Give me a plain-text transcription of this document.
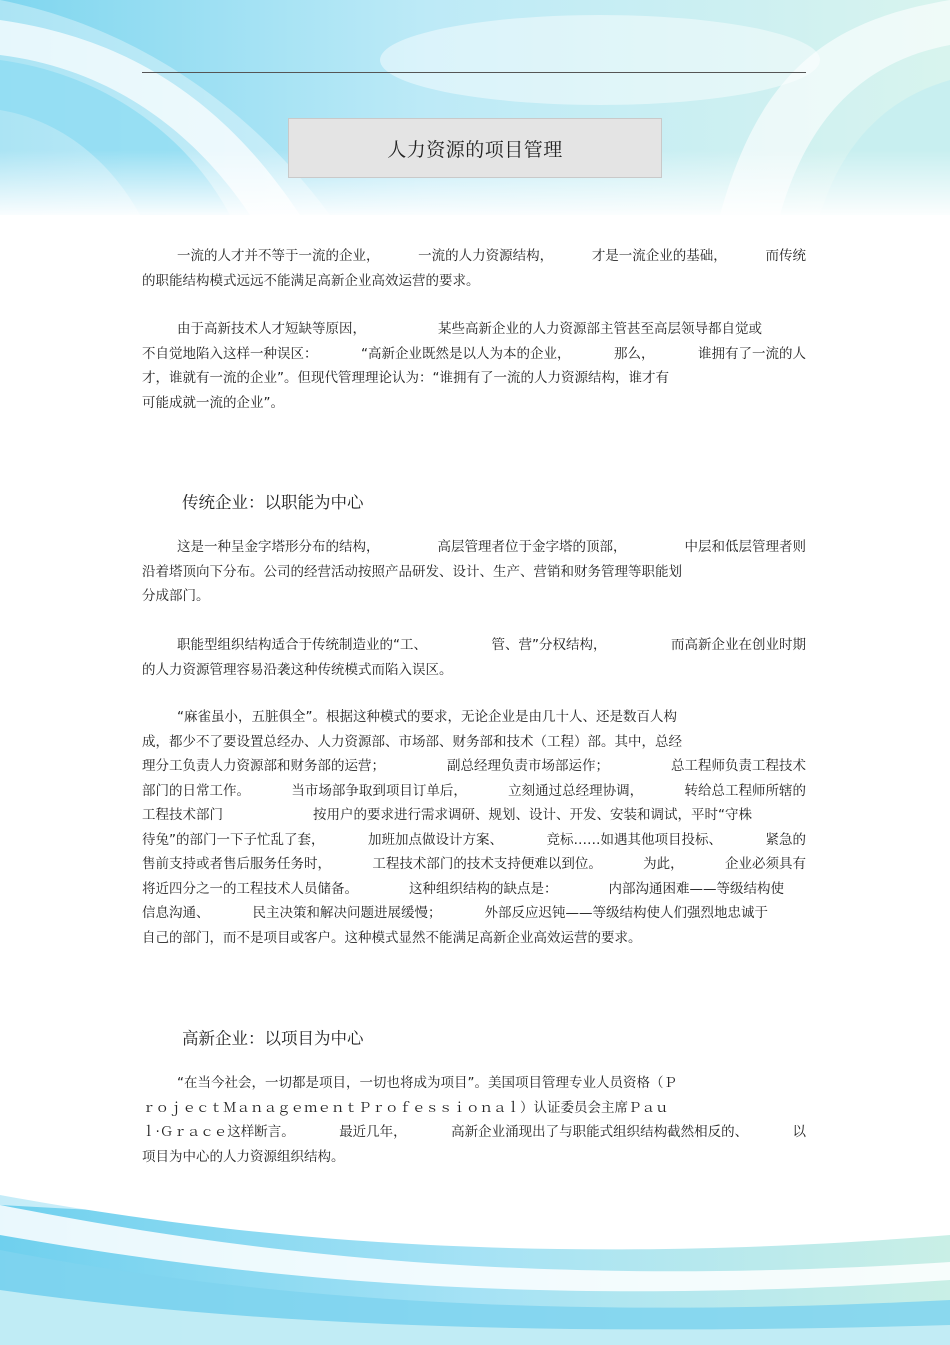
人力资源的项目管理
一流的人才并不等于一流的企业，	一流的人力资源结构，	才是一流企业的基础，	而传统
的职能结构模式远远不能满足高新企业高效运营的要求。
由于高新技术人才短缺等原因，	某些高新企业的人力资源部主管甚至高层领导都自觉或
不自觉地陷入这样一种误区：	“高新企业既然是以人为本的企业，	那么，	谁拥有了一流的人
才，谁就有一流的企业”。但现代管理理论认为：“谁拥有了一流的人力资源结构，谁才有
可能成就一流的企业”。
传统企业：以职能为中心
这是一种呈金字塔形分布的结构，	高层管理者位于金字塔的顶部，	中层和低层管理者则
沿着塔顶向下分布。公司的经营活动按照产品研发、设计、生产、营销和财务管理等职能划
分成部门。
职能型组织结构适合于传统制造业的“工、	管、营”分权结构，	而高新企业在创业时期
的人力资源管理容易沿袭这种传统模式而陷入误区。
“麻雀虽小，五脏俱全”。根据这种模式的要求，无论企业是由几十人、还是数百人构
成，都少不了要设置总经办、人力资源部、市场部、财务部和技术（工程）部。其中，总经
理分工负责人力资源部和财务部的运营；	副总经理负责市场部运作；	总工程师负责工程技术
部门的日常工作。	当市场部争取到项目订单后，	立刻通过总经理协调，	转给总工程师所辖的
工程技术部门	按用户的要求进行需求调研、规划、设计、开发、安装和调试，平时“守株
待兔”的部门一下子忙乱了套，	加班加点做设计方案、	竞标……如遇其他项目投标、	紧急的
售前支持或者售后服务任务时，	工程技术部门的技术支持便难以到位。	为此，	企业必须具有
将近四分之一的工程技术人员储备。	这种组织结构的缺点是：	内部沟通困难——等级结构使
信息沟通、	民主决策和解决问题进展缓慢；	外部反应迟钝——等级结构使人们强烈地忠诚于
自己的部门，而不是项目或客户。这种模式显然不能满足高新企业高效运营的要求。
高新企业：以项目为中心
“在当今社会，一切都是项目，一切也将成为项目”。美国项目管理专业人员资格（Ｐ
ｒｏｊｅｃｔＭａｎａｇｅｍｅｎｔＰｒｏｆｅｓｓｉｏｎａｌ）认证委员会主席Ｐａｕ
ｌ·Ｇｒａｃｅ这样断言。	最近几年，	高新企业涌现出了与职能式组织结构截然相反的、	以
项目为中心的人力资源组织结构。
